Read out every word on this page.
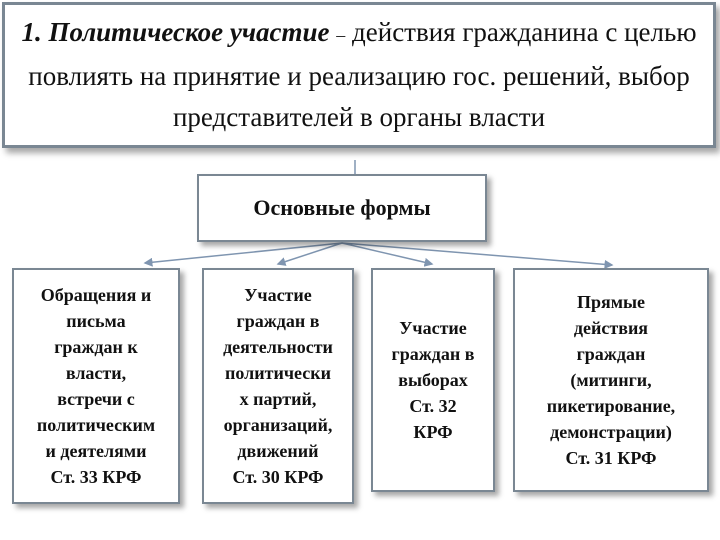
1. Политическое участие – действия гражданина с целью повлиять на принятие и реализацию гос. решений, выбор представителей в органы власти

Основные формы
Обращения и
письма
граждан к
власти,
встречи с
политическим
и деятелями
Ст. 33 КРФ
Участие
граждан в
деятельности
политически
х партий,
организаций,
движений
Ст. 30 КРФ
Участие
граждан в
выборах
Ст. 32
КРФ
Прямые
действия
граждан
(митинги,
пикетирование,
демонстрации)
Ст. 31 КРФ
